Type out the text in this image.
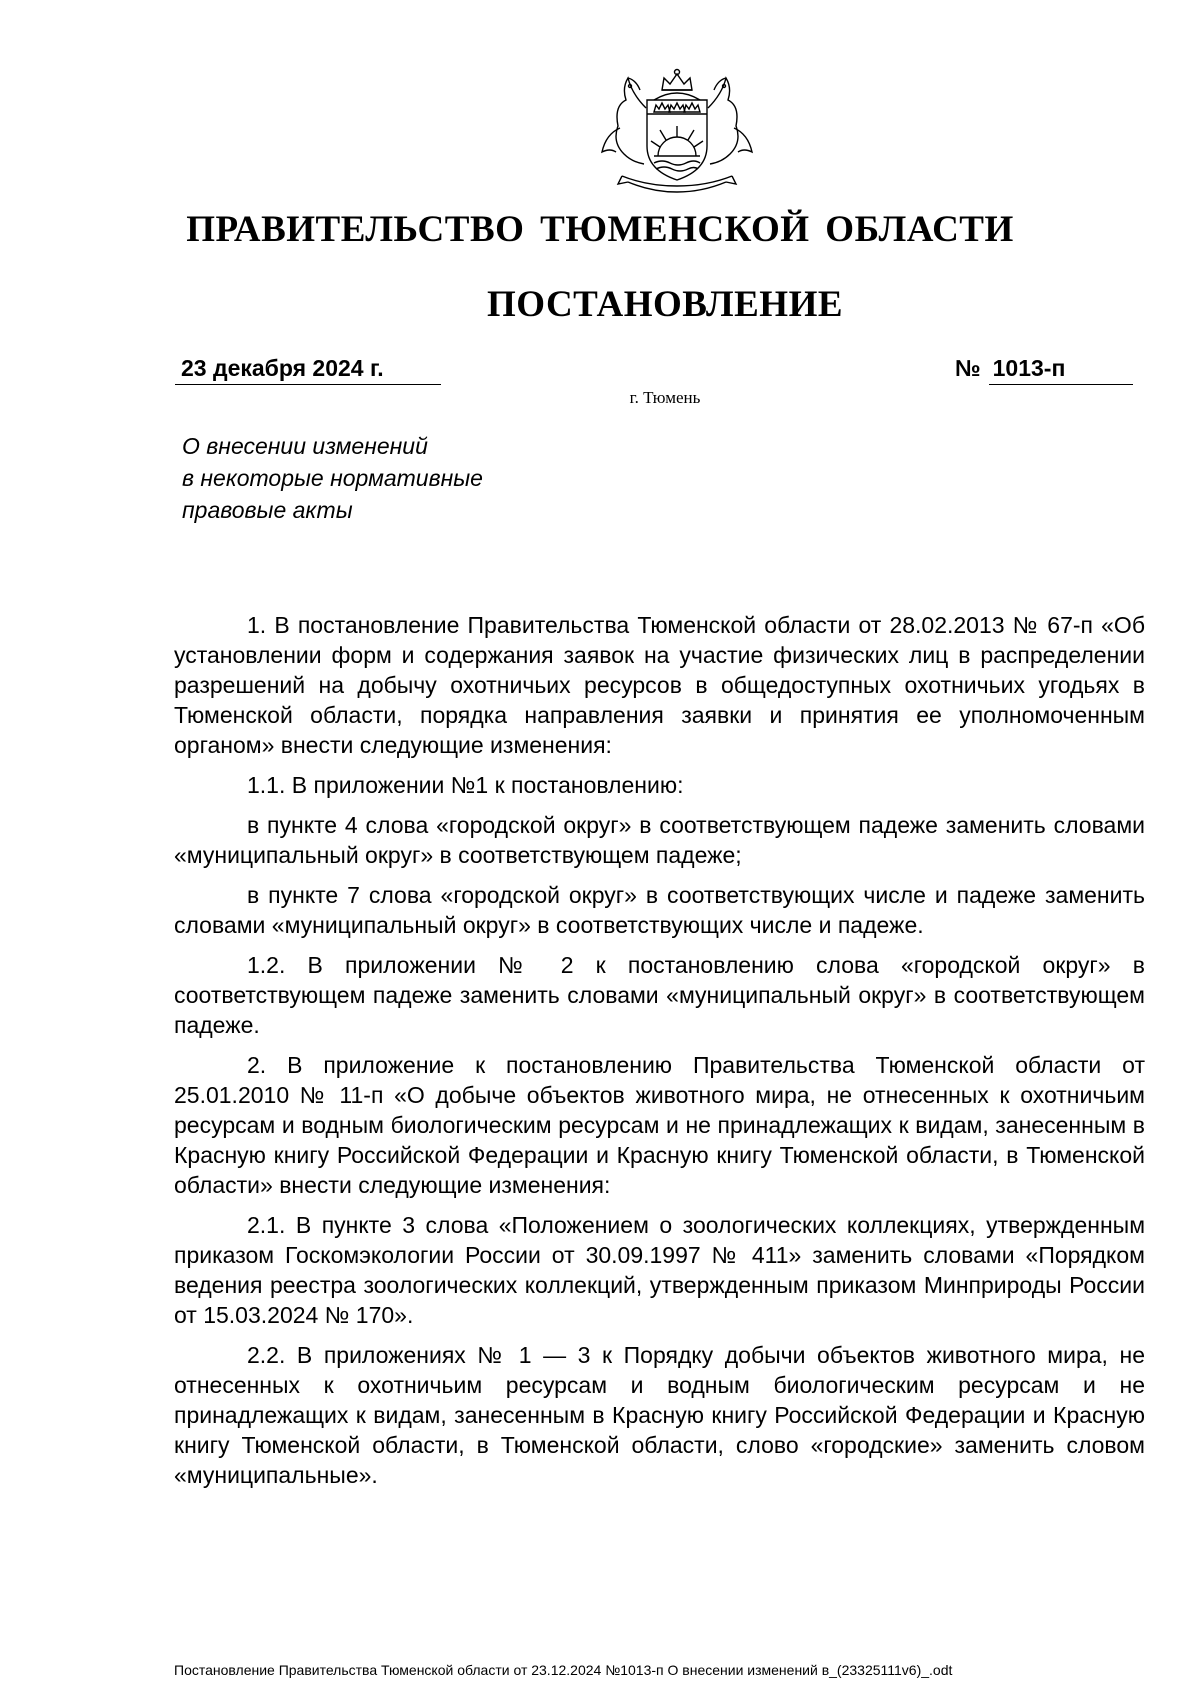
ПРАВИТЕЛЬСТВО ТЮМЕНСКОЙ ОБЛАСТИ
ПОСТАНОВЛЕНИЕ
23 декабря 2024 г.	№ 1013-п
г. Тюмень
О внесении изменений
в некоторые нормативные
правовые акты

1. В постановление Правительства Тюменской области от 28.02.2013 № 67-п «Об установлении форм и содержания заявок на участие физических лиц в распределении разрешений на добычу охотничьих ресурсов в общедоступных охотничьих угодьях в Тюменской области, порядка направления заявки и принятия ее уполномоченным органом» внести следующие изменения:

1.1. В приложении №1 к постановлению:

в пункте 4 слова «городской округ» в соответствующем падеже заменить словами «муниципальный округ» в соответствующем падеже;

в пункте 7 слова «городской округ» в соответствующих числе и падеже заменить словами «муниципальный округ» в соответствующих числе и падеже.

1.2. В приложении № 2 к постановлению слова «городской округ» в соответствующем падеже заменить словами «муниципальный округ» в соответствующем падеже.

2. В приложение к постановлению Правительства Тюменской области от 25.01.2010 № 11-п «О добыче объектов животного мира, не отнесенных к охотничьим ресурсам и водным биологическим ресурсам и не принадлежащих к видам, занесенным в Красную книгу Российской Федерации и Красную книгу Тюменской области, в Тюменской области» внести следующие изменения:

2.1. В пункте 3 слова «Положением о зоологических коллекциях, утвержденным приказом Госкомэкологии России от 30.09.1997 № 411» заменить словами «Порядком ведения реестра зоологических коллекций, утвержденным приказом Минприроды России от 15.03.2024 № 170».

2.2. В приложениях № 1 — 3 к Порядку добычи объектов животного мира, не отнесенных к охотничьим ресурсам и водным биологическим ресурсам и не принадлежащих к видам, занесенным в Красную книгу Российской Федерации и Красную книгу Тюменской области, в Тюменской области, слово «городские» заменить словом «муниципальные».

Постановление Правительства Тюменской области от 23.12.2024 №1013-п О внесении изменений в_(23325111v6)_.odt
